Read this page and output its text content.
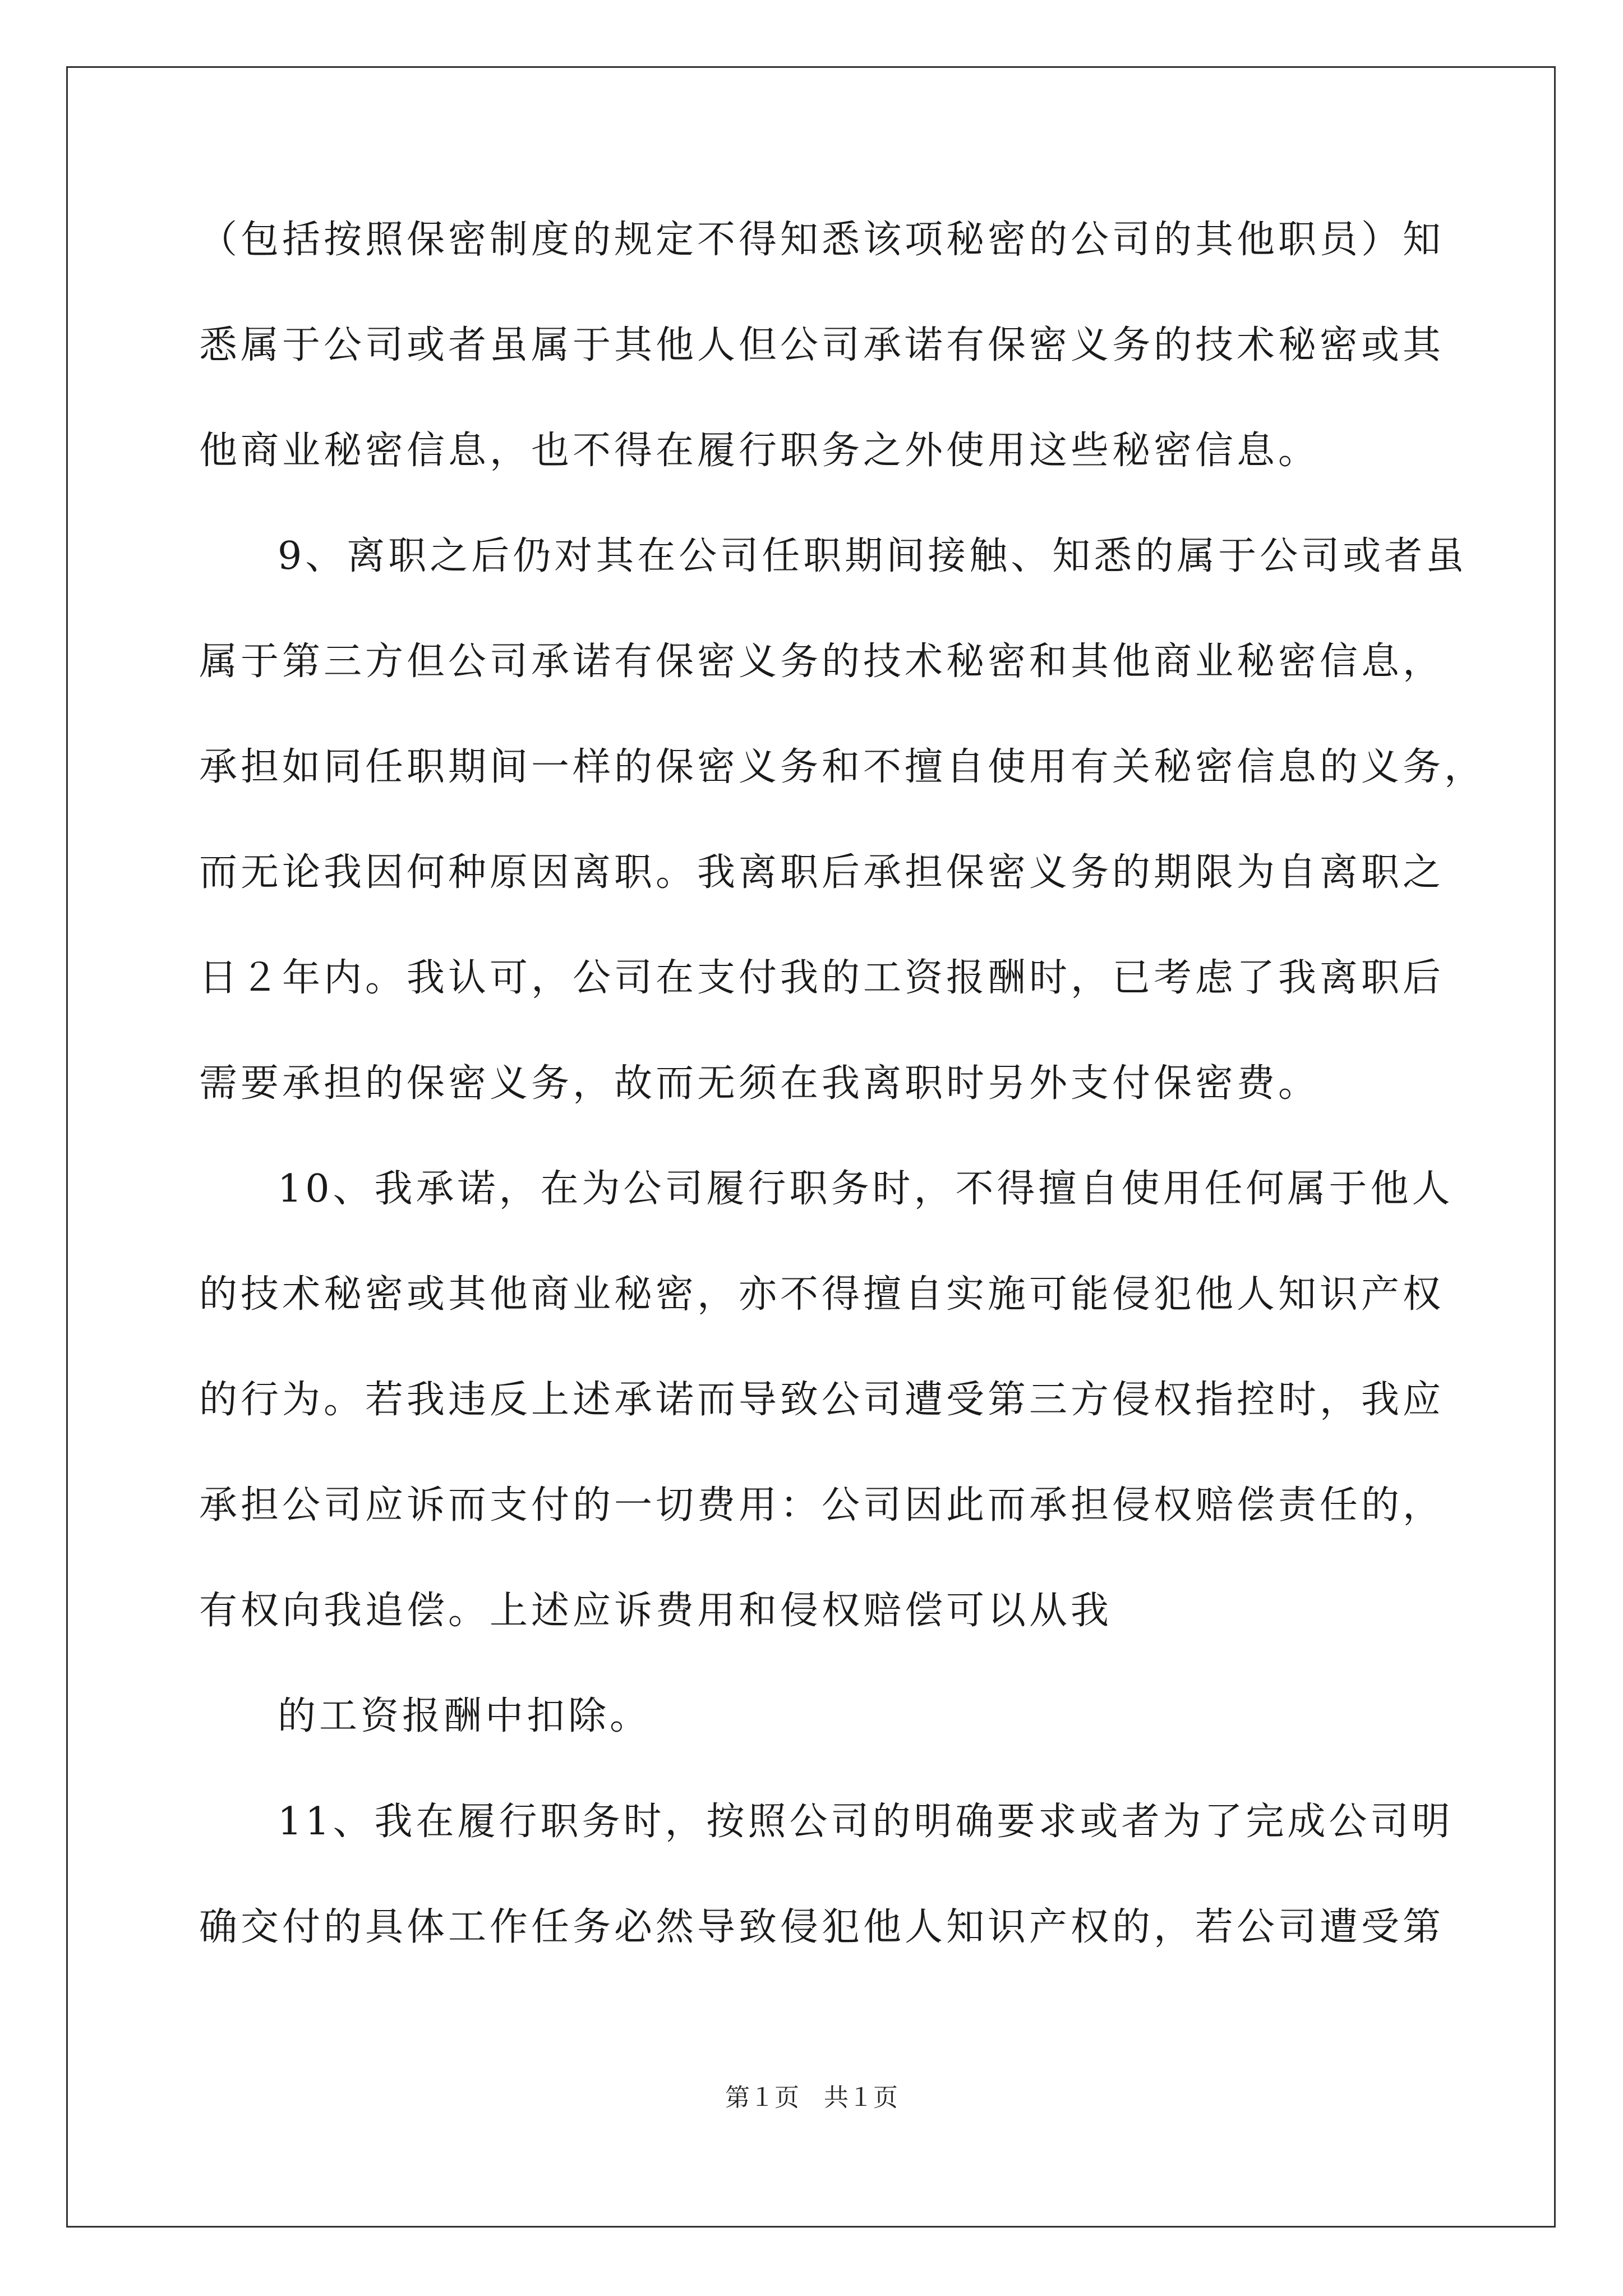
（包括按照保密制度的规定不得知悉该项秘密的公司的其他职员）知
悉属于公司或者虽属于其他人但公司承诺有保密义务的技术秘密或其
他商业秘密信息，也不得在履行职务之外使用这些秘密信息。
9、离职之后仍对其在公司任职期间接触、知悉的属于公司或者虽
属于第三方但公司承诺有保密义务的技术秘密和其他商业秘密信息，
承担如同任职期间一样的保密义务和不擅自使用有关秘密信息的义务，
而无论我因何种原因离职。我离职后承担保密义务的期限为自离职之
日２年内。我认可，公司在支付我的工资报酬时，已考虑了我离职后
需要承担的保密义务，故而无须在我离职时另外支付保密费。
10、我承诺，在为公司履行职务时，不得擅自使用任何属于他人
的技术秘密或其他商业秘密，亦不得擅自实施可能侵犯他人知识产权
的行为。若我违反上述承诺而导致公司遭受第三方侵权指控时，我应
承担公司应诉而支付的一切费用：公司因此而承担侵权赔偿责任的，
有权向我追偿。上述应诉费用和侵权赔偿可以从我
的工资报酬中扣除。
11、我在履行职务时，按照公司的明确要求或者为了完成公司明
确交付的具体工作任务必然导致侵犯他人知识产权的，若公司遭受第
第１页　共１页
